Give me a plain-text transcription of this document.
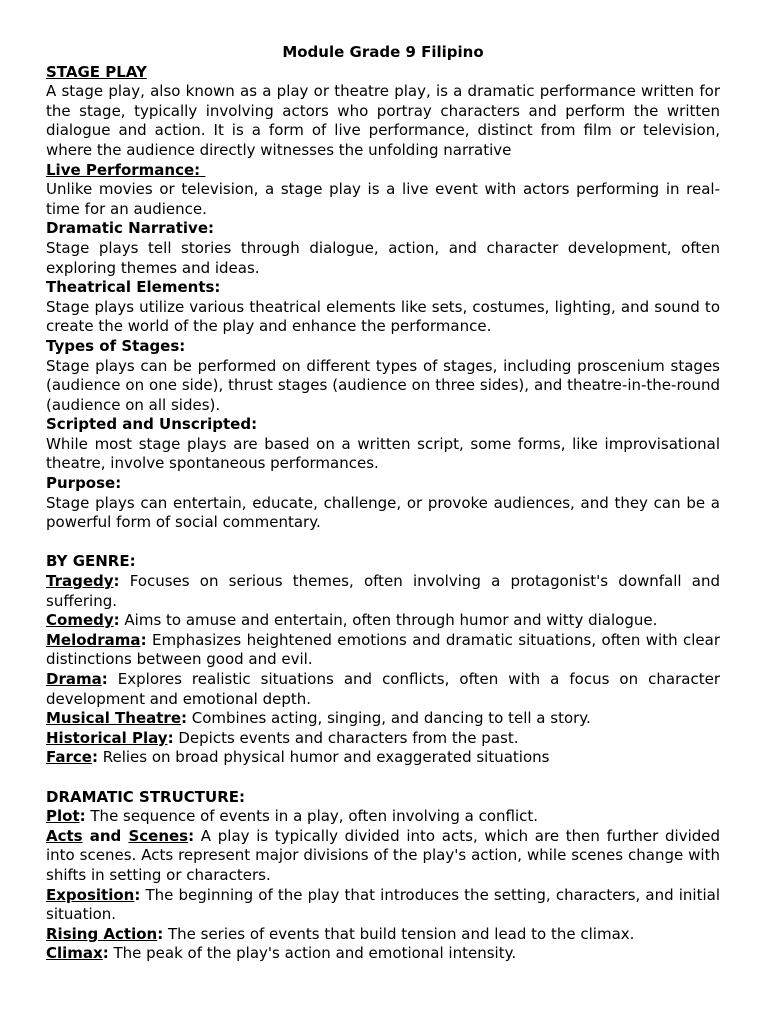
Module Grade 9 Filipino
STAGE PLAY

A stage play, also known as a play or theatre play, is a dramatic performance written for the stage, typically involving actors who portray characters and perform the written dialogue and action. It is a form of live performance, distinct from film or television, where the audience directly witnesses the unfolding narrative

Live Performance:

Unlike movies or television, a stage play is a live event with actors performing in real-time for an audience.

Dramatic Narrative:

Stage plays tell stories through dialogue, action, and character development, often exploring themes and ideas.

Theatrical Elements:

Stage plays utilize various theatrical elements like sets, costumes, lighting, and sound to create the world of the play and enhance the performance.

Types of Stages:

Stage plays can be performed on different types of stages, including proscenium stages (audience on one side), thrust stages (audience on three sides), and theatre-in-the-round (audience on all sides).

Scripted and Unscripted:

While most stage plays are based on a written script, some forms, like improvisational theatre, involve spontaneous performances.

Purpose:

Stage plays can entertain, educate, challenge, or provoke audiences, and they can be a powerful form of social commentary.

BY GENRE:

Tragedy: Focuses on serious themes, often involving a protagonist's downfall and suffering.

Comedy: Aims to amuse and entertain, often through humor and witty dialogue.

Melodrama: Emphasizes heightened emotions and dramatic situations, often with clear distinctions between good and evil.

Drama: Explores realistic situations and conflicts, often with a focus on character development and emotional depth.

Musical Theatre: Combines acting, singing, and dancing to tell a story.

Historical Play: Depicts events and characters from the past.

Farce: Relies on broad physical humor and exaggerated situations

DRAMATIC STRUCTURE:

Plot: The sequence of events in a play, often involving a conflict.

Acts and Scenes: A play is typically divided into acts, which are then further divided into scenes. Acts represent major divisions of the play's action, while scenes change with shifts in setting or characters.

Exposition: The beginning of the play that introduces the setting, characters, and initial situation.

Rising Action: The series of events that build tension and lead to the climax.

Climax: The peak of the play's action and emotional intensity.
